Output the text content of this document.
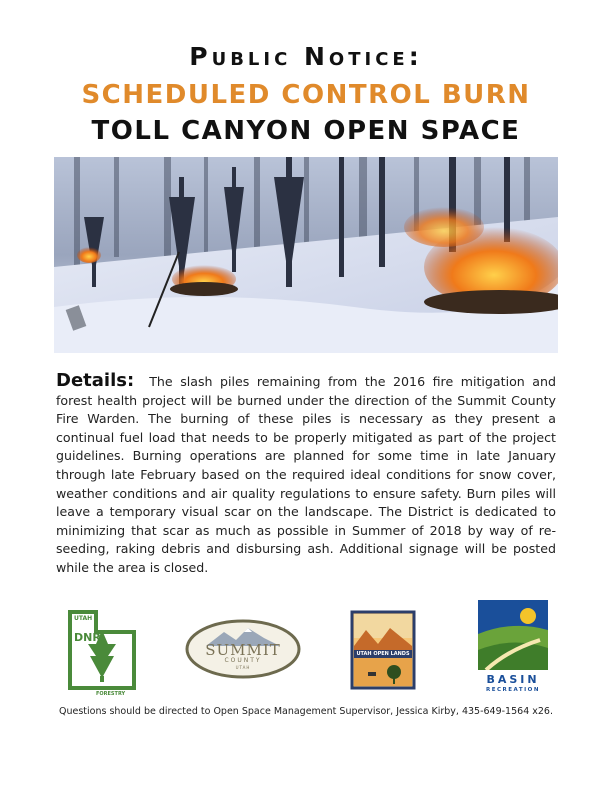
Public Notice:
SCHEDULED CONTROL BURN
TOLL CANYON OPEN SPACE
Details: The slash piles remaining from the 2016 fire mitigation and forest health project will be burned under the direction of the Summit County Fire Warden. The burning of these piles is necessary as they present a continual fuel load that needs to be properly mitigated as part of the project guidelines. Burning operations are planned for some time in late January through late February based on the required ideal conditions for snow cover, weather conditions and air quality regulations to ensure safety. Burn piles will leave a temporary visual scar on the landscape. The District is dedicated to minimizing that scar as much as possible in Summer of 2018 by way of re-seeding, raking debris and disbursing ash. Additional signage will be posted while the area is closed.
UTAH
DNR
FORESTRY
SUMMIT
COUNTY
UTAH
UTAH OPEN LANDS
BASIN
RECREATION
Questions should be directed to Open Space Management Supervisor, Jessica Kirby, 435-649-1564 x26.
